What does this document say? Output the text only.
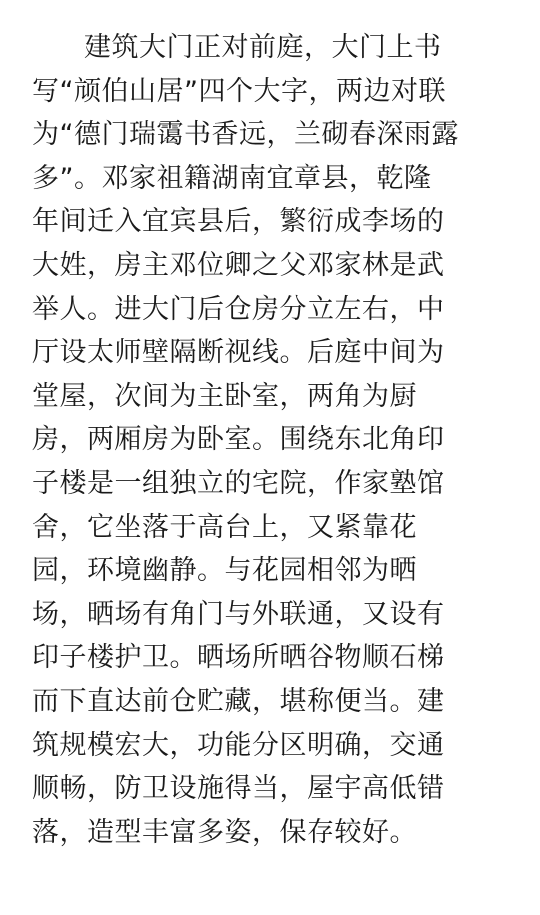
建筑大门正对前庭，大门上书
写“颃伯山居”四个大字，两边对联
为“德门瑞霭书香远，兰砌春深雨露
多”。邓家祖籍湖南宜章县，乾隆
年间迁入宜宾县后，繁衍成李场的
大姓，房主邓位卿之父邓家林是武
举人。进大门后仓房分立左右，中
厅设太师壁隔断视线。后庭中间为
堂屋，次间为主卧室，两角为厨
房，两厢房为卧室。围绕东北角印
子楼是一组独立的宅院，作家塾馆
舍，它坐落于高台上，又紧靠花
园，环境幽静。与花园相邻为晒
场，晒场有角门与外联通，又设有
印子楼护卫。晒场所晒谷物顺石梯
而下直达前仓贮藏，堪称便当。建
筑规模宏大，功能分区明确，交通
顺畅，防卫设施得当，屋宇高低错
落，造型丰富多姿，保存较好。
